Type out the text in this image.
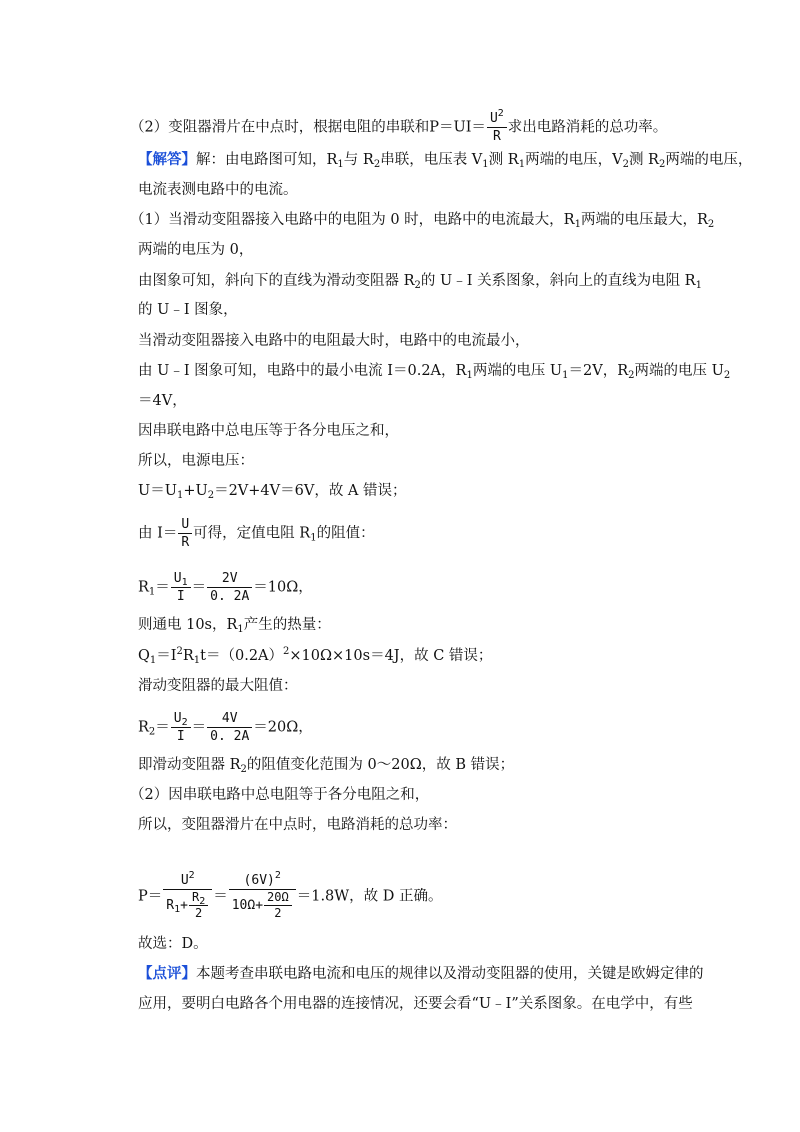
（2）变阻器滑片在中点时，根据电阻的串联和$P=UI= \frac{U^2}{R}$ 求出电路消耗的总功率。
【解答】解：由电路图可知，$R_1$与 $R_2$串联，电压表 $V_1$测 $R_1$两端的电压，$V_2$测 $R_2$两端的电压，
电流表测电路中的电流。
（1）当滑动变阻器接入电路中的电阻为 0 时，电路中的电流最大，$R_1$两端的电压最大，$R_2$
两端的电压为 0，
由图象可知，斜向下的直线为滑动变阻器 $R_2$的 U﹣I 关系图象，斜向上的直线为电阻 $R_1$
的 U﹣I 图象，
当滑动变阻器接入电路中的电阻最大时，电路中的电流最小，
由 U﹣I 图象可知，电路中的最小电流 I＝0.2A，$R_1$两端的电压 $U_1=2V$，$R_2$两端的电压 $U_2$
＝4V，
因串联电路中总电压等于各分电压之和，
所以，电源电压：
$U=U_1+U_2=2V+4V=6V$，故 A 错误；
由 $I= \frac{U}{R}$ 可得，定值电阻 $R_1$的阻值：
$R_1= \frac{U_1}{I} = \frac{2V}{0. 2A} =10\Omega$，
则通电 10s，$R_1$产生的热量：
$Q_1=I^2R_1t=(0.2A)^2\times 10\Omega\times 10s=4J$，故 C 错误；
滑动变阻器的最大阻值：
$R_2= \frac{U_2}{I} = \frac{4V}{0. 2A} =20\Omega$，
即滑动变阻器 $R_2$的阻值变化范围为 0～20Ω，故 B 错误；
（2）因串联电路中总电阻等于各分电阻之和，
所以，变阻器滑片在中点时，电路消耗的总功率：
$P= \frac{U^2}{R_1+ \frac{R_2}{2}} = \frac{(6V)^2}{10\Omega+ \frac{20\Omega}{2}} =1.8W$，故 D 正确。
故选：D。
【点评】本题考查串联电路电流和电压的规律以及滑动变阻器的使用，关键是欧姆定律的
应用，要明白电路各个用电器的连接情况，还要会看“U﹣I”关系图象。在电学中，有些
